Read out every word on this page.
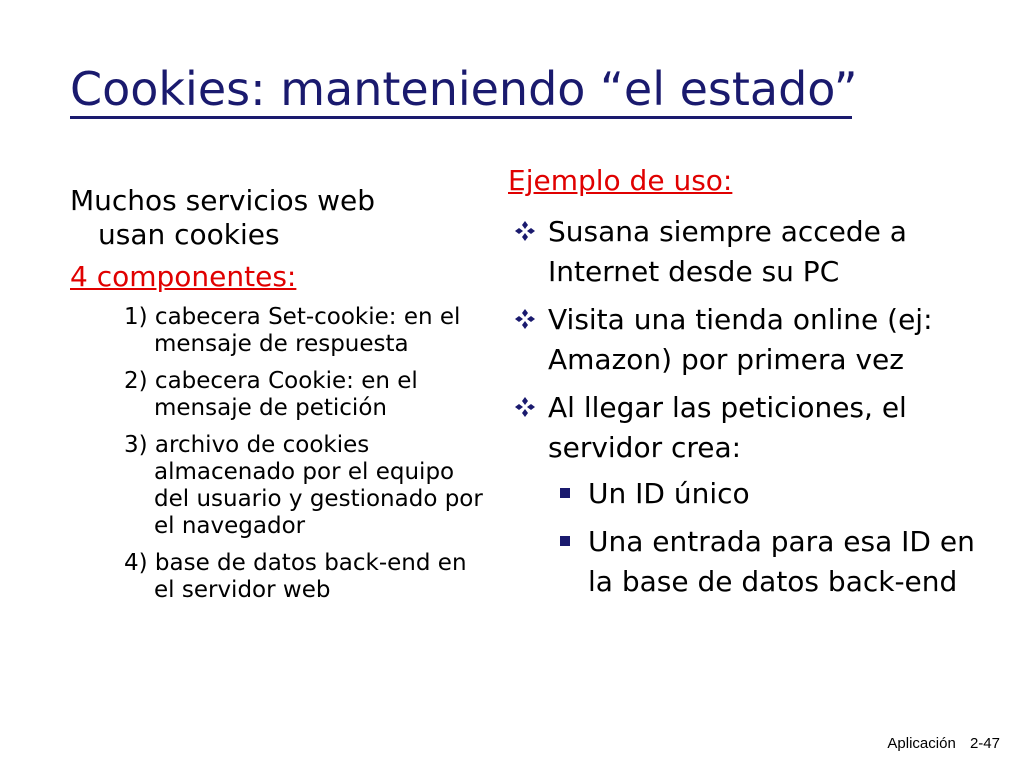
Cookies: manteniendo “el estado”

Muchos servicios web
usan cookies

4 componentes:
1) cabecera Set-cookie: en el mensaje de respuesta
2) cabecera Cookie: en el mensaje de petición
3) archivo de cookies almacenado por el equipo del usuario y gestionado por el navegador
4) base de datos back-end en el servidor web
Ejemplo de uso:
Susana siempre accede a Internet desde su PC
Visita una tienda online (ej: Amazon) por primera vez
Al llegar las peticiones, el servidor crea:
Un ID único
Una entrada para esa ID en la base de datos back-end
Aplicación 2-47
